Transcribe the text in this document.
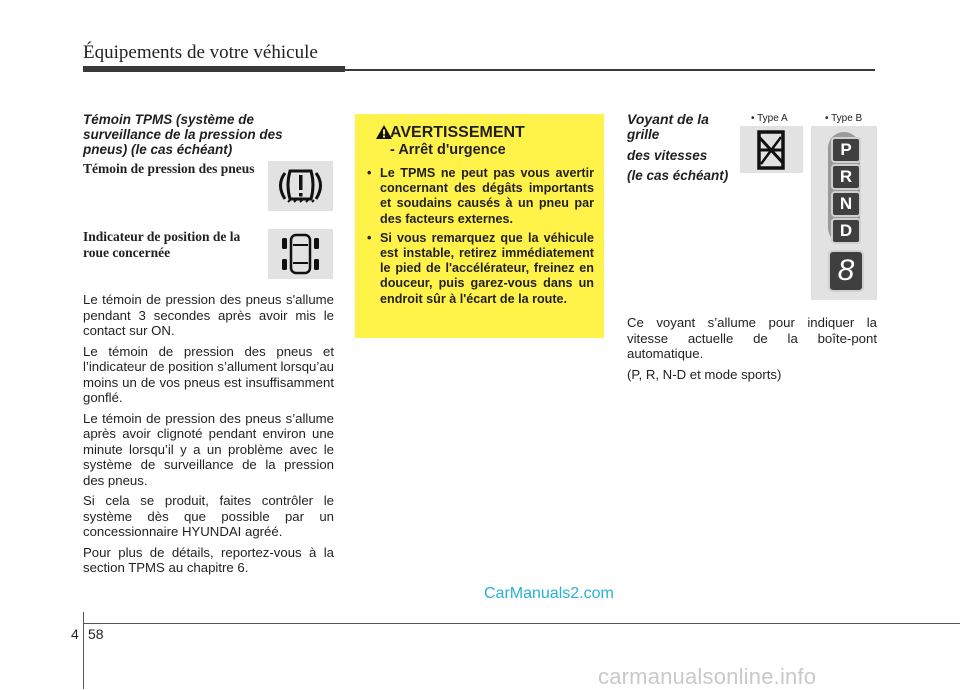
Équipements de votre véhicule
Témoin TPMS (système de
surveillance de la pression des
pneus) (le cas échéant)
Témoin de pression des pneus
Indicateur de position de la
roue concernée

Le témoin de pression des pneus s'allume pendant 3 secondes après avoir mis le contact sur ON.

Le témoin de pression des pneus et l’indicateur de position s’allument lorsqu’au moins un de vos pneus est insuffisamment gonflé.

Le témoin de pression des pneus s’allume après avoir clignoté pendant environ une minute lorsqu’il y a un problème avec le système de surveillance de la pression des pneus.

Si cela se produit, faites contrôler le système dès que possible par un concessionnaire HYUNDAI agréé.

Pour plus de détails, reportez-vous à la section TPMS au chapitre 6.

AVERTISSEMENT
- Arrêt d'urgence
• Le TPMS ne peut pas vous avertir concernant des dégâts importants et soudains causés à un pneu par des facteurs externes.
• Si vous remarquez que la véhicule est instable, retirez immédiatement le pied de l'accélérateur, freinez en douceur, puis garez-vous dans un endroit sûr à l'écart de la route.
Voyant de la
grille
des vitesses
(le cas échéant)
• Type A	• Type B
P
R
N
D
8

Ce voyant s’allume pour indiquer la vitesse actuelle de la boîte-pont automatique.

(P, R, N-D et mode sports)

CarManuals2.com
4 58
carmanualsonline.info
